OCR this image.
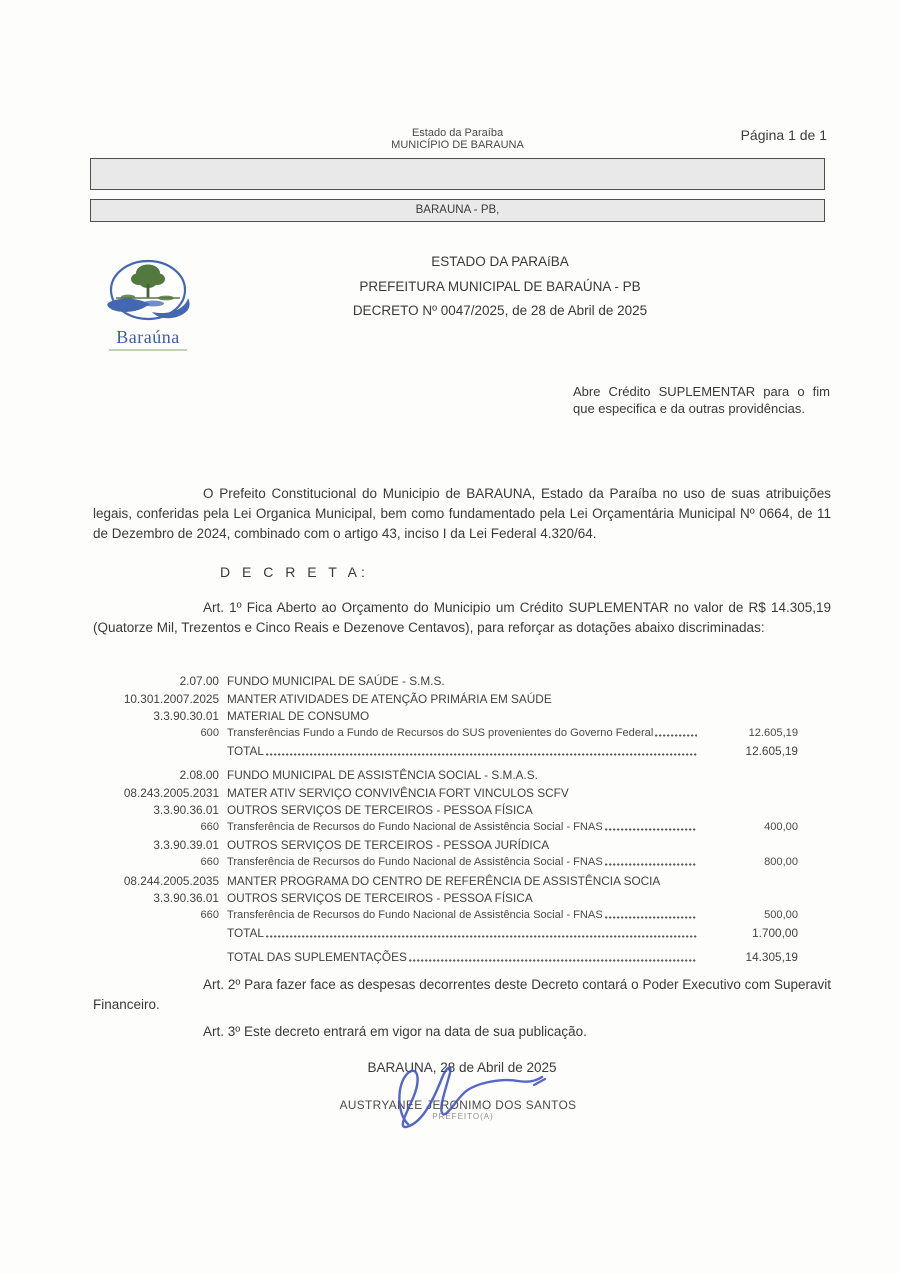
Estado da Paraíba
MUNICÍPIO DE BARAUNA
Página 1 de 1
BARAUNA - PB,
Baraúna
ESTADO DA PARAíBA
PREFEITURA MUNICIPAL DE BARAÚNA - PB
DECRETO Nº 0047/2025, de 28 de Abril de 2025
Abre Crédito SUPLEMENTAR para o fim que especifica e da outras providências.
O Prefeito Constitucional do Municipio de BARAUNA, Estado da Paraíba no uso de suas atribuições legais, conferidas pela Lei Organica Municipal, bem como fundamentado pela Lei Orçamentária Municipal Nº 0664, de 11 de Dezembro de 2024, combinado com o artigo 43, inciso I da Lei Federal 4.320/64.
D E C R E T A:
Art. 1º Fica Aberto ao Orçamento do Municipio um Crédito SUPLEMENTAR no valor de R$ 14.305,19 (Quatorze Mil, Trezentos e Cinco Reais e Dezenove Centavos), para reforçar as dotações abaixo discriminadas:
2.07.00 FUNDO MUNICIPAL DE SAÚDE - S.M.S.
10.301.2007.2025 MANTER ATIVIDADES DE ATENÇÃO PRIMÁRIA EM SAÚDE
3.3.90.30.01 MATERIAL DE CONSUMO
600 Transferências Fundo a Fundo de Recursos do SUS provenientes do Governo Federal	12.605,19
TOTAL	12.605,19
2.08.00 FUNDO MUNICIPAL DE ASSISTÊNCIA SOCIAL - S.M.A.S.
08.243.2005.2031 MATER ATIV SERVIÇO CONVIVÊNCIA FORT VINCULOS SCFV
3.3.90.36.01 OUTROS SERVIÇOS DE TERCEIROS - PESSOA FÍSICA
660 Transferência de Recursos do Fundo Nacional de Assistência Social - FNAS	400,00
3.3.90.39.01 OUTROS SERVIÇOS DE TERCEIROS - PESSOA JURÍDICA
660 Transferência de Recursos do Fundo Nacional de Assistência Social - FNAS	800,00
08.244.2005.2035 MANTER PROGRAMA DO CENTRO DE REFERÊNCIA DE ASSISTÊNCIA SOCIA
3.3.90.36.01 OUTROS SERVIÇOS DE TERCEIROS - PESSOA FÍSICA
660 Transferência de Recursos do Fundo Nacional de Assistência Social - FNAS	500,00
TOTAL	1.700,00
TOTAL DAS SUPLEMENTAÇÕES	14.305,19
Art. 2º Para fazer face as despesas decorrentes deste Decreto contará o Poder Executivo com Superavit Financeiro.
Art. 3º Este decreto entrará em vigor na data de sua publicação.
BARAUNA, 28 de Abril de 2025
AUSTRYANEE JERONIMO DOS SANTOS
PREFEITO(A)
